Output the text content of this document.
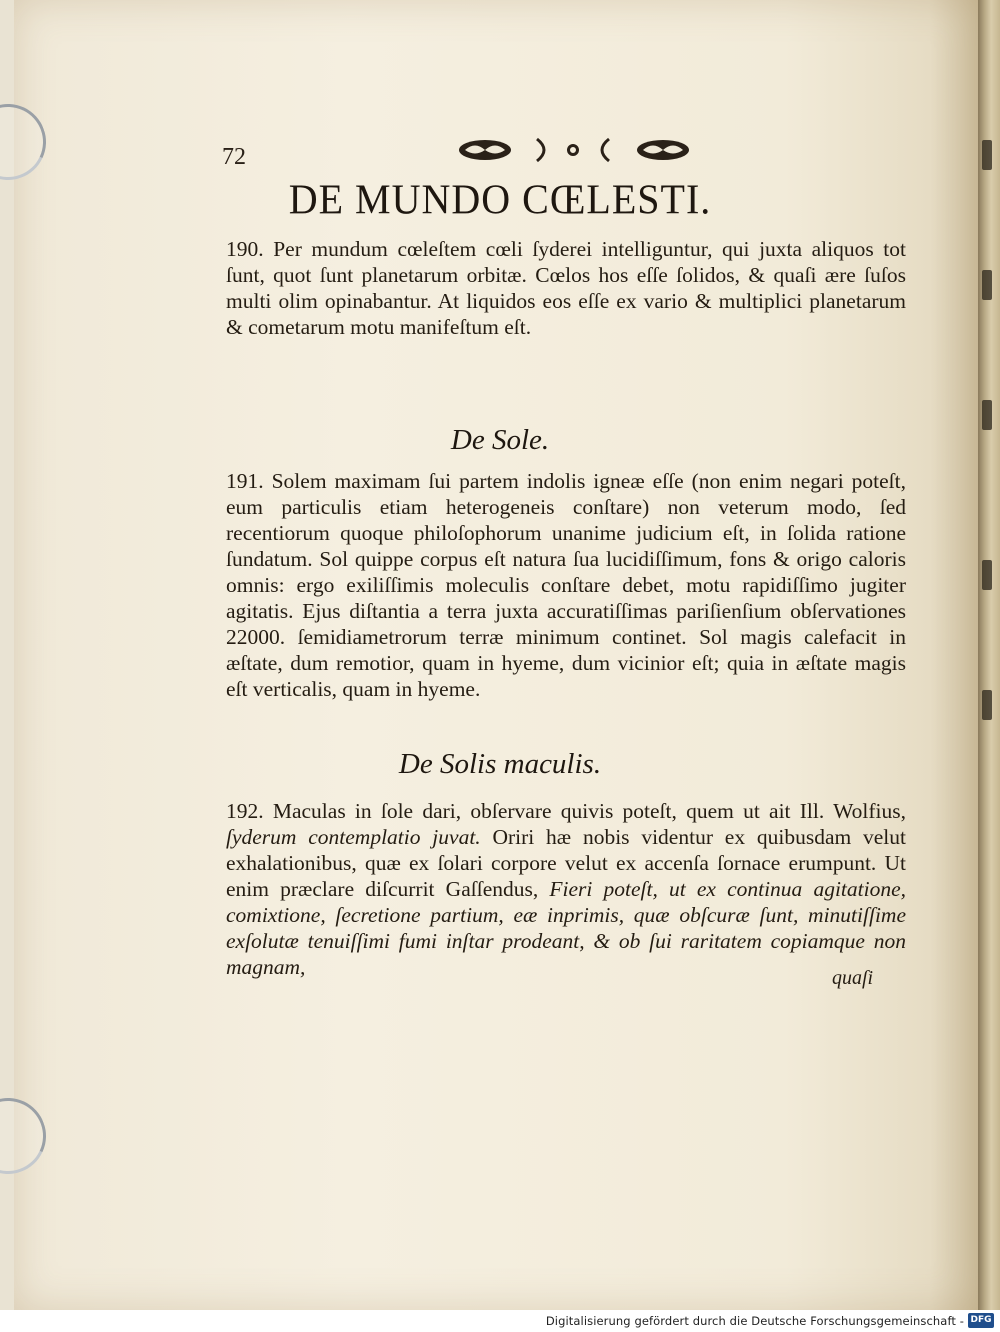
72
DE MUNDO CŒLESTI.
190. Per mundum cœleſtem cœli ſyderei intelliguntur, qui juxta aliquos tot ſunt, quot ſunt planetarum orbitæ. Cœlos hos eſſe ſolidos, & quaſi ære ſuſos multi olim opinabantur. At liquidos eos eſſe ex vario & multiplici planetarum & cometarum motu manifeſtum eſt.
De Sole.
191. Solem maximam ſui partem indolis igneæ eſſe (non enim negari poteſt, eum particulis etiam heterogeneis conſtare) non veterum modo, ſed recentiorum quoque philoſophorum unanime judicium eſt, in ſolida ratione ſundatum. Sol quippe corpus eſt natura ſua lucidiſſimum, fons & origo caloris omnis: ergo exiliſſimis moleculis conſtare debet, motu rapidiſſimo jugiter agitatis. Ejus diſtantia a terra juxta accuratiſſimas pariſienſium obſervationes 22000. ſemidiametrorum terræ minimum continet. Sol magis calefacit in æſtate, dum remotior, quam in hyeme, dum vicinior eſt; quia in æſtate magis eſt verticalis, quam in hyeme.
De Solis maculis.
192. Maculas in ſole dari, obſervare quivis poteſt, quem ut ait Ill. Wolfius, ſyderum contemplatio juvat. Oriri hæ nobis videntur ex quibusdam velut exhalationibus, quæ ex ſolari corpore velut ex accenſa ſornace erumpunt. Ut enim præclare diſcurrit Gaſſendus, Fieri poteſt, ut ex continua agitatione, comixtione, ſecretione partium, eæ inprimis, quæ obſcuræ ſunt, minutiſſime exſolutæ tenuiſſimi fumi inſtar prodeant, & ob ſui raritatem copiamque non magnam,	quaſi
Digitalisierung gefördert durch die Deutsche Forschungsgemeinschaft - DFG
